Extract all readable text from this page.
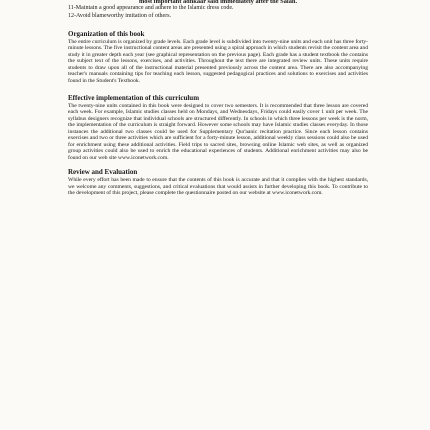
most important adhkaar said immediately after the Salah.
11-Maintain a good appearance and adhere to the Islamic dress code.
12-Avoid blameworthy imitation of others.
Organization of this book

The entire curriculum is organized by grade levels. Each grade level is subdivided into twenty-nine units and each unit has three forty-minute lessons. The five instructional content areas are presented using a spiral approach in which students revisit the content area and study it in greater depth each year (see graphical representation on the previous page). Each grade has a student textbook the contains the subject text of the lessons, exercises, and activities. Throughout the text there are integrated review units. These units require students to draw upon all of the instructional material presented previously across the content area. There are also accompanying teacher's manuals containing tips for teaching each lesson, suggested pedagogical practices and solutions to exercises and activities found in the Student's Textbook.

Effective implementation of this curriculum

The twenty-nine units contained in this book were designed to cover two semesters. It is recommended that three lesson are covered each week. For example, Islamic studies classes held on Mondays, and Wednesdays, Fridays could easily cover 1 unit per week. The syllabus designers recognize that individual schools are structured differently. In schools in which three lessons per week is the norm, the implementation of the curriculum is straight forward. However some schools may have Islamic studies classes everyday. In those instances the additional two classes could be used for Supplementary Qur'aanic recitation practice. Since each lesson contains exercises and two or three activities which are sufficient for a forty-minute lesson, additional weekly class sessions could also be used for enrichment using these additional activities. Field trips to sacred sites, browsing online Islamic web sites, as well as organized group activities could also be used to enrich the educational experiences of students. Additional enrichment activities may also be found on our web site www.iconetwork.com.

Review and Evaluation

While every effort has been made to ensure that the contents of this book is accurate and that it complies with the highest standards, we welcome any comments, suggestions, and critical evaluations that would assists in further developing this book. To contribute to the development of this project, please complete the questionnaire posted on our website at www.iconetwork.com.
